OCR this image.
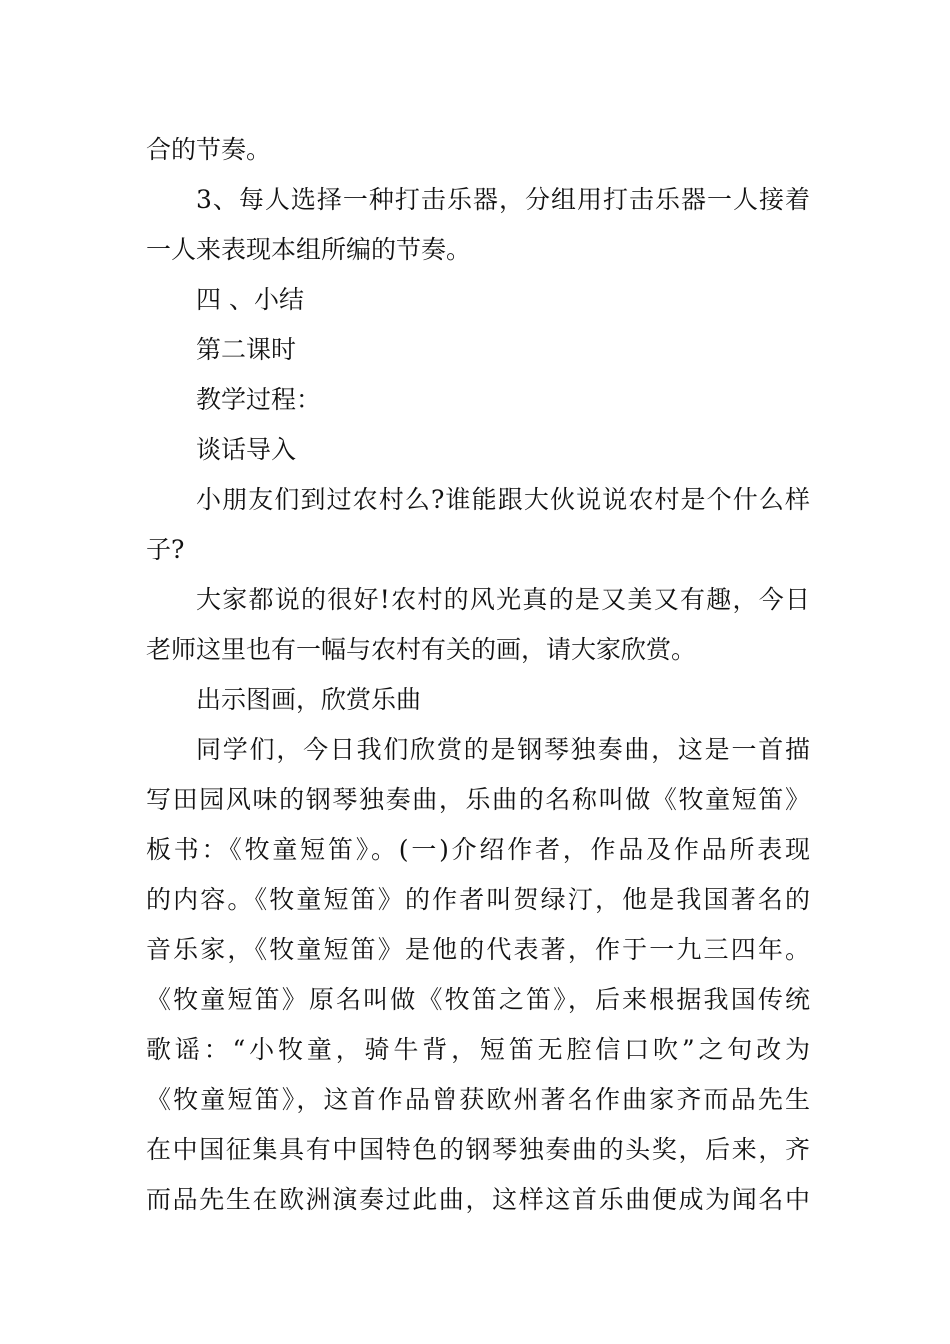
合的节奏。
3、每人选择一种打击乐器，分组用打击乐器一人接着
一人来表现本组所编的节奏。
四 、小结
第二课时
教学过程：
谈话导入
小朋友们到过农村么?谁能跟大伙说说农村是个什么样
子?
大家都说的很好!农村的风光真的是又美又有趣，今日
老师这里也有一幅与农村有关的画，请大家欣赏。
出示图画，欣赏乐曲
同学们，今日我们欣赏的是钢琴独奏曲，这是一首描
写田园风味的钢琴独奏曲，乐曲的名称叫做《牧童短笛》
板书：《牧童短笛》。(一)介绍作者，作品及作品所表现
的内容。《牧童短笛》的作者叫贺绿汀，他是我国著名的
音乐家，《牧童短笛》是他的代表著，作于一九三四年。
《牧童短笛》原名叫做《牧笛之笛》，后来根据我国传统
歌谣：“小牧童，骑牛背，短笛无腔信口吹”之句改为
《牧童短笛》，这首作品曾获欧州著名作曲家齐而品先生
在中国征集具有中国特色的钢琴独奏曲的头奖，后来，齐
而品先生在欧洲演奏过此曲，这样这首乐曲便成为闻名中
